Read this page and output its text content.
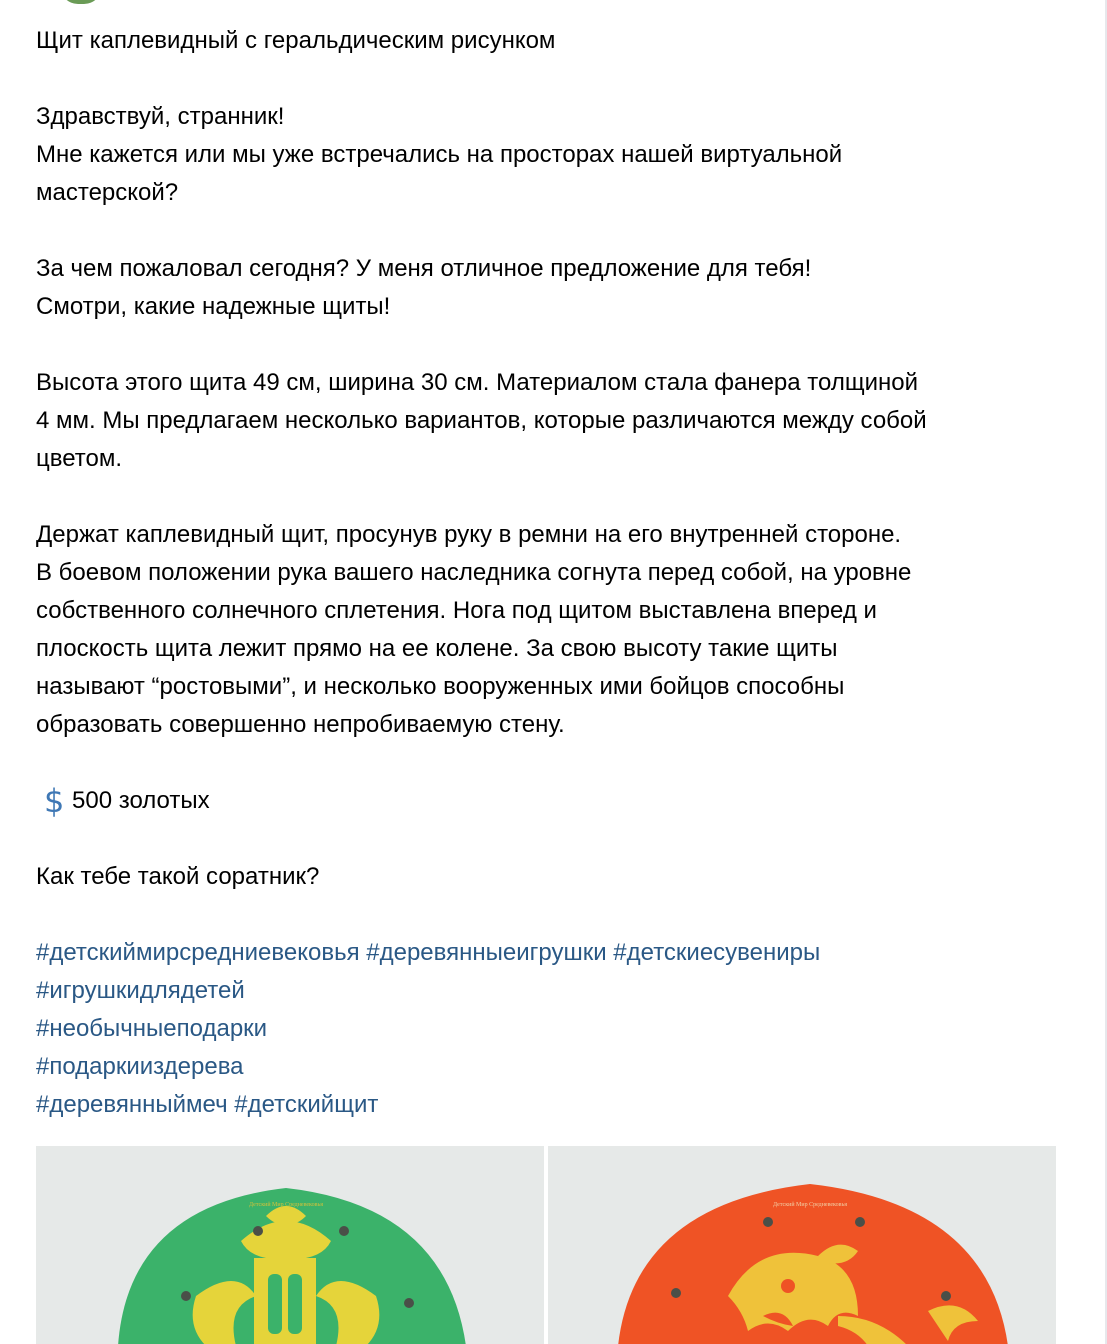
Щит каплевидный с геральдическим рисунком

Здравствуй, странник!
Мне кажется или мы уже встречались на просторах нашей виртуальной
мастерской?

За чем пожаловал сегодня? У меня отличное предложение для тебя!
Смотри, какие надежные щиты!

Высота этого щита 49 см, ширина 30 см. Материалом стала фанера толщиной
4 мм. Мы предлагаем несколько вариантов, которые различаются между собой
цветом.

Держат каплевидный щит, просунув руку в ремни на его внутренней стороне.
В боевом положении рука вашего наследника согнута перед собой, на уровне
собственного солнечного сплетения. Нога под щитом выставлена вперед и
плоскость щита лежит прямо на ее колене. За свою высоту такие щиты
называют “ростовыми”, и несколько вооруженных ими бойцов способны
образовать совершенно непробиваемую стену.

$ 500 золотых

Как тебе такой соратник?

#детскиймирсредниевековья #деревянныеигрушки #детскиесувениры
#игрушкидлядетей
#необычныеподарки
#подаркииздерева
#деревянныймеч #детскийщит
Детский Мир Средневековья	Детский Мир Средневековья
